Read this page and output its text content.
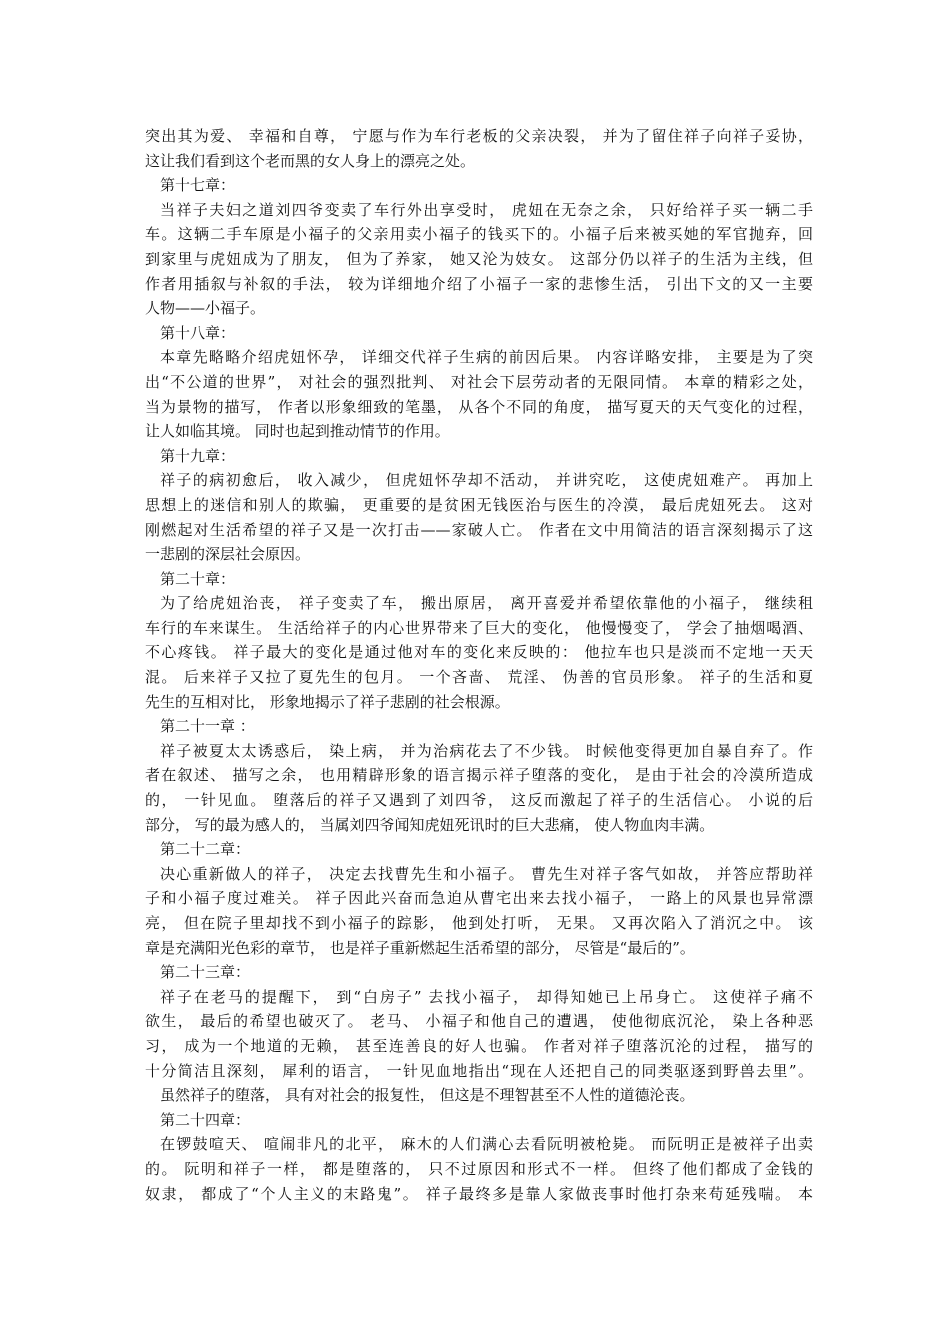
突出其为爱、 幸福和自尊， 宁愿与作为车行老板的父亲决裂， 并为了留住祥子向祥子妥协，
这让我们看到这个老而黑的女人身上的漂亮之处。
第十七章：
当祥子夫妇之道刘四爷变卖了车行外出享受时， 虎妞在无奈之余， 只好给祥子买一辆二手
车。这辆二手车原是小福子的父亲用卖小福子的钱买下的。小福子后来被买她的军官抛弃，回
到家里与虎妞成为了朋友， 但为了养家， 她又沦为妓女。 这部分仍以祥子的生活为主线，但
作者用插叙与补叙的手法， 较为详细地介绍了小福子一家的悲惨生活， 引出下文的又一主要
人物——小福子。
第十八章：
本章先略略介绍虎妞怀孕， 详细交代祥子生病的前因后果。 内容详略安排， 主要是为了突
出“不公道的世界”， 对社会的强烈批判、 对社会下层劳动者的无限同情。 本章的精彩之处，
当为景物的描写， 作者以形象细致的笔墨， 从各个不同的角度， 描写夏天的天气变化的过程，
让人如临其境。 同时也起到推动情节的作用。
第十九章：
祥子的病初愈后， 收入减少， 但虎妞怀孕却不活动， 并讲究吃， 这使虎妞难产。 再加上
思想上的迷信和别人的欺骗， 更重要的是贫困无钱医治与医生的冷漠， 最后虎妞死去。 这对
刚燃起对生活希望的祥子又是一次打击——家破人亡。 作者在文中用简洁的语言深刻揭示了这
一悲剧的深层社会原因。
第二十章：
为了给虎妞治丧， 祥子变卖了车， 搬出原居， 离开喜爱并希望依靠他的小福子， 继续租
车行的车来谋生。 生活给祥子的内心世界带来了巨大的变化， 他慢慢变了， 学会了抽烟喝酒、
不心疼钱。 祥子最大的变化是通过他对车的变化来反映的： 他拉车也只是淡而不定地一天天
混。 后来祥子又拉了夏先生的包月。 一个吝啬、 荒淫、 伪善的官员形象。 祥子的生活和夏
先生的互相对比， 形象地揭示了祥子悲剧的社会根源。
第二十一章 ：
祥子被夏太太诱惑后， 染上病， 并为治病花去了不少钱。 时候他变得更加自暴自弃了。作
者在叙述、 描写之余， 也用精辟形象的语言揭示祥子堕落的变化， 是由于社会的冷漠所造成
的， 一针见血。 堕落后的祥子又遇到了刘四爷， 这反而激起了祥子的生活信心。 小说的后
部分， 写的最为感人的， 当属刘四爷闻知虎妞死讯时的巨大悲痛， 使人物血肉丰满。
第二十二章：
决心重新做人的祥子， 决定去找曹先生和小福子。 曹先生对祥子客气如故， 并答应帮助祥
子和小福子度过难关。 祥子因此兴奋而急迫从曹宅出来去找小福子， 一路上的风景也异常漂
亮， 但在院子里却找不到小福子的踪影， 他到处打听， 无果。 又再次陷入了消沉之中。 该
章是充满阳光色彩的章节， 也是祥子重新燃起生活希望的部分， 尽管是“最后的”。
第二十三章：
祥子在老马的提醒下， 到“白房子” 去找小福子， 却得知她已上吊身亡。 这使祥子痛不
欲生， 最后的希望也破灭了。 老马、 小福子和他自己的遭遇， 使他彻底沉沦， 染上各种恶
习， 成为一个地道的无赖， 甚至连善良的好人也骗。 作者对祥子堕落沉沦的过程， 描写的
十分简洁且深刻， 犀利的语言， 一针见血地指出“现在人还把自己的同类驱逐到野兽去里”。
虽然祥子的堕落， 具有对社会的报复性， 但这是不理智甚至不人性的道德沦丧。
第二十四章：
在锣鼓喧天、 喧闹非凡的北平， 麻木的人们满心去看阮明被枪毙。 而阮明正是被祥子出卖
的。 阮明和祥子一样， 都是堕落的， 只不过原因和形式不一样。 但终了他们都成了金钱的
奴隶， 都成了“个人主义的末路鬼”。 祥子最终多是靠人家做丧事时他打杂来苟延残喘。 本
